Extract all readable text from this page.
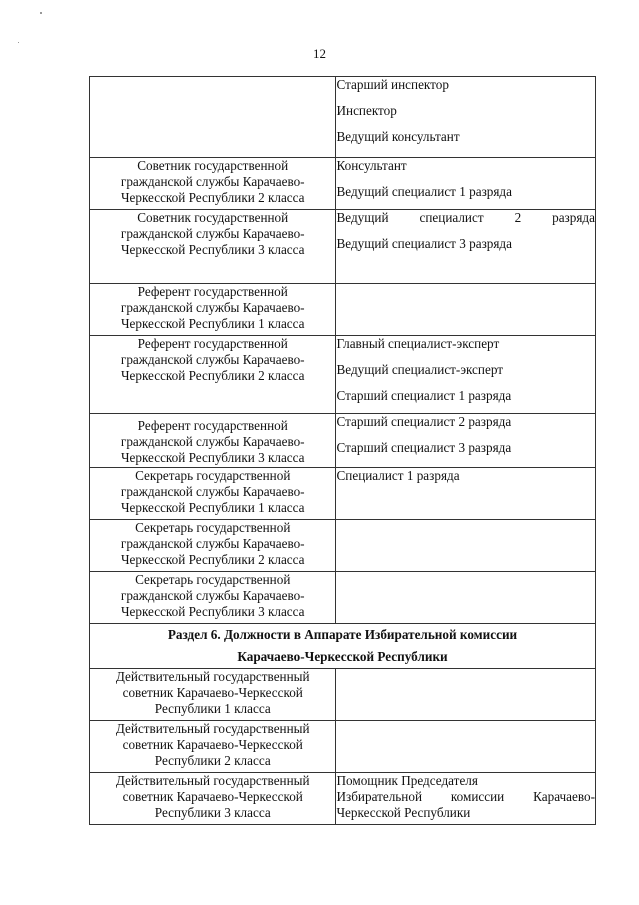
12

	Старший инспектор
Инспектор
Ведущий консультант

Советник государственной
гражданской службы Карачаево-
Черкесской Республики 2 класса	Консультант
Ведущий специалист 1 разряда

Советник государственной
гражданской службы Карачаево-
Черкесской Республики 3 класса	Ведущий специалист 2 разряда
Ведущий специалист 3 разряда

Референт государственной
гражданской службы Карачаево-
Черкесской Республики 1 класса	

Референт государственной
гражданской службы Карачаево-
Черкесской Республики 2 класса	Главный специалист-эксперт
Ведущий специалист-эксперт
Старший специалист 1 разряда

Референт государственной
гражданской службы Карачаево-
Черкесской Республики 3 класса	Старший специалист 2 разряда
Старший специалист 3 разряда

Секретарь государственной
гражданской службы Карачаево-
Черкесской Республики 1 класса	Специалист 1 разряда

Секретарь государственной
гражданской службы Карачаево-
Черкесской Республики 2 класса	

Секретарь государственной
гражданской службы Карачаево-
Черкесской Республики 3 класса	

Раздел 6. Должности в Аппарате Избирательной комиссии
Карачаево-Черкесской Республики	

Действительный государственный
советник Карачаево-Черкесской
Республики 1 класса	

Действительный государственный
советник Карачаево-Черкесской
Республики 2 класса	

Действительный государственный
советник Карачаево-Черкесской
Республики 3 класса	Помощник Председателя
Избирательной комиссии Карачаево-
Черкесской Республики
